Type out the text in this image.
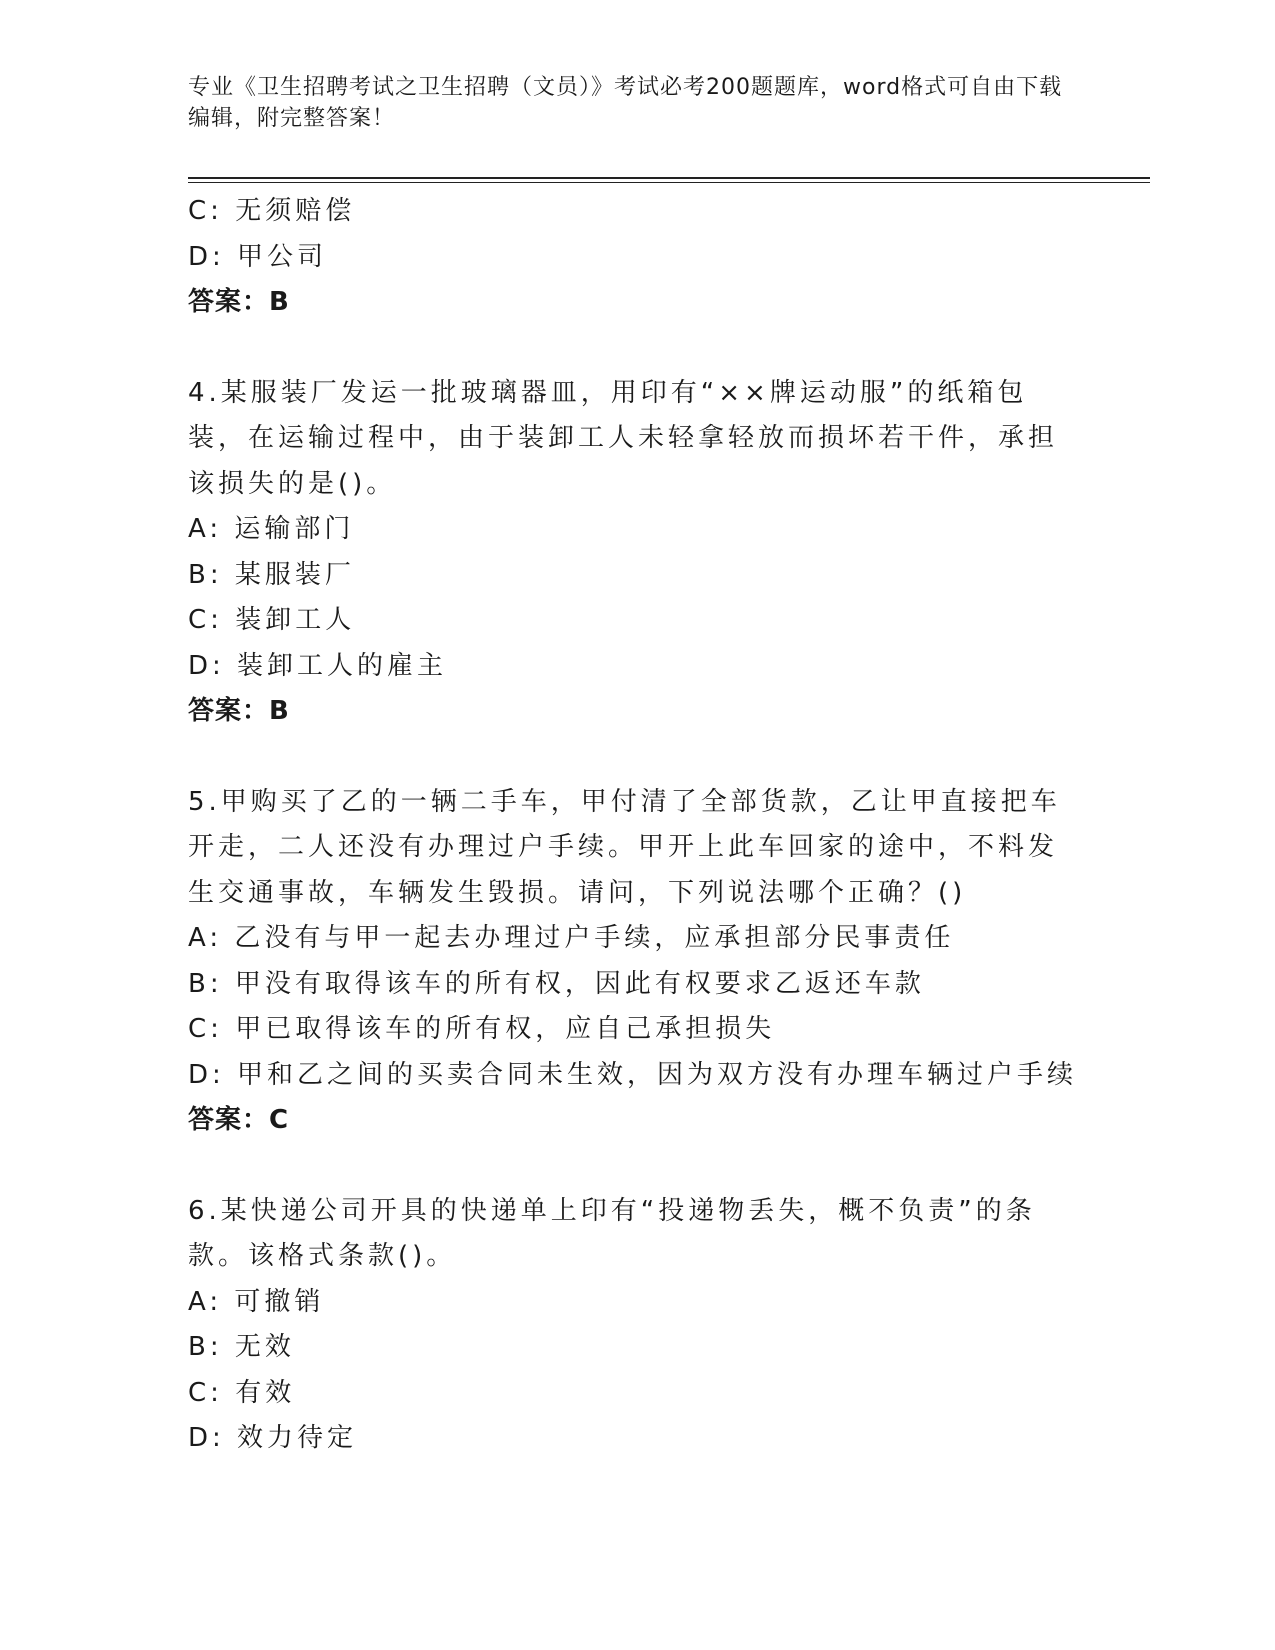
专业《卫生招聘考试之卫生招聘（文员）》考试必考200题题库，word格式可自由下载编辑，附完整答案！
C: 无须赔偿
D: 甲公司
答案：B
4.某服装厂发运一批玻璃器皿，用印有“××牌运动服”的纸箱包装，在运输过程中，由于装卸工人未轻拿轻放而损坏若干件，承担该损失的是()。
A: 运输部门
B: 某服装厂
C: 装卸工人
D: 装卸工人的雇主
答案：B
5.甲购买了乙的一辆二手车，甲付清了全部货款，乙让甲直接把车开走，二人还没有办理过户手续。甲开上此车回家的途中，不料发生交通事故，车辆发生毁损。请问，下列说法哪个正确？()
A: 乙没有与甲一起去办理过户手续，应承担部分民事责任
B: 甲没有取得该车的所有权，因此有权要求乙返还车款
C: 甲已取得该车的所有权，应自己承担损失
D: 甲和乙之间的买卖合同未生效，因为双方没有办理车辆过户手续
答案：C
6.某快递公司开具的快递单上印有“投递物丢失，概不负责”的条款。该格式条款()。
A: 可撤销
B: 无效
C: 有效
D: 效力待定
